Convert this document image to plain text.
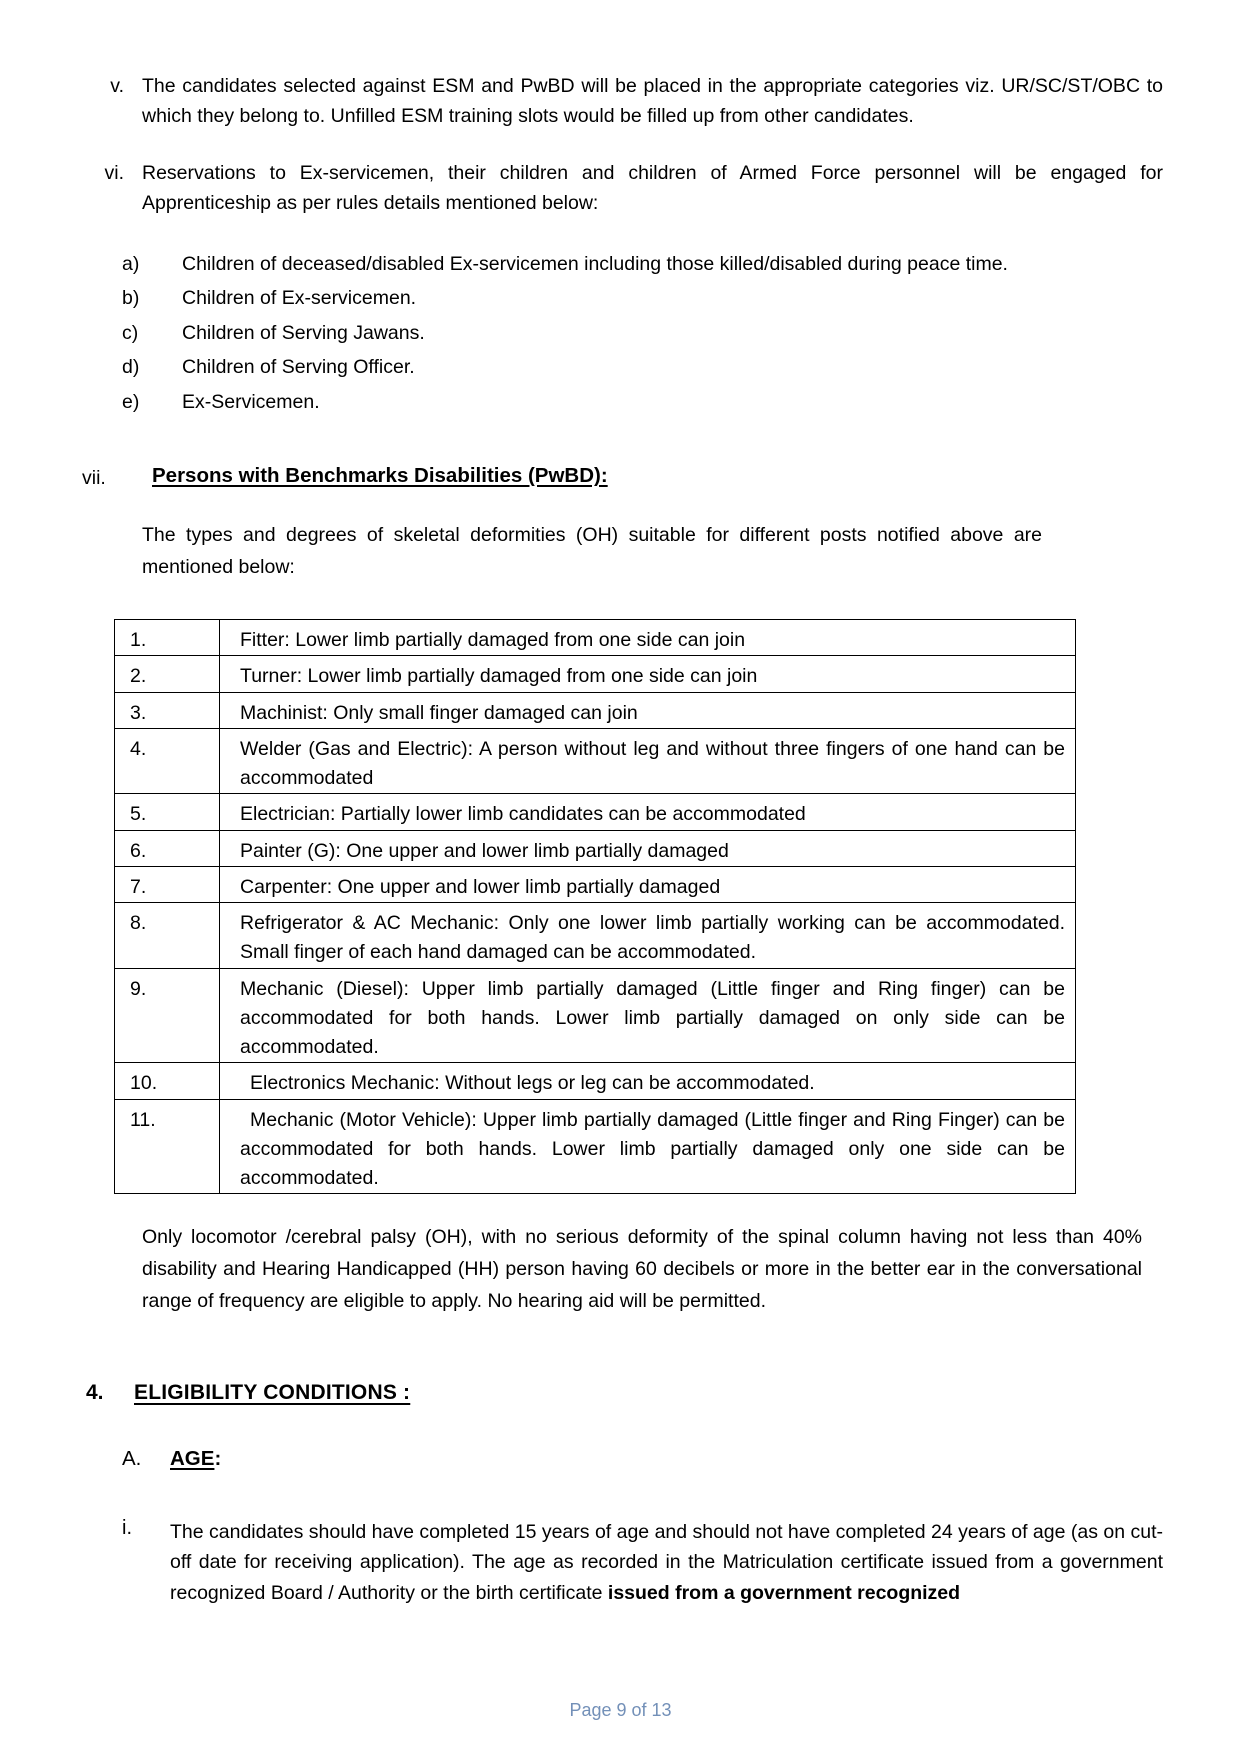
v. The candidates selected against ESM and PwBD will be placed in the appropriate categories viz. UR/SC/ST/OBC to which they belong to. Unfilled ESM training slots would be filled up from other candidates.
vi. Reservations to Ex-servicemen, their children and children of Armed Force personnel will be engaged for Apprenticeship as per rules details mentioned below:
a)	Children of deceased/disabled Ex-servicemen including those killed/disabled during peace time.
b)	Children of Ex-servicemen.
c)	Children of Serving Jawans.
d)	Children of Serving Officer.
e)	Ex-Servicemen.
vii.	Persons with Benchmarks Disabilities (PwBD):
The types and degrees of skeletal deformities (OH) suitable for different posts notified above are mentioned below:
1.	Fitter: Lower limb partially damaged from one side can join

2.	Turner: Lower limb partially damaged from one side can join

3.	Machinist: Only small finger damaged can join

4.	Welder (Gas and Electric): A person without leg and without three fingers of one hand can be accommodated

5.	Electrician: Partially lower limb candidates can be accommodated

6.	Painter (G): One upper and lower limb partially damaged

7.	Carpenter: One upper and lower limb partially damaged

8.	Refrigerator & AC Mechanic: Only one lower limb partially working can be accommodated. Small finger of each hand damaged can be accommodated.

9.	Mechanic (Diesel): Upper limb partially damaged (Little finger and Ring finger) can be accommodated for both hands. Lower limb partially damaged on only side can be accommodated.

10.	Electronics Mechanic: Without legs or leg can be accommodated.

11.	Mechanic (Motor Vehicle): Upper limb partially damaged (Little finger and Ring Finger) can be accommodated for both hands. Lower limb partially damaged only one side can be accommodated.
Only locomotor /cerebral palsy (OH), with no serious deformity of the spinal column having not less than 40% disability and Hearing Handicapped (HH) person having 60 decibels or more in the better ear in the conversational range of frequency are eligible to apply. No hearing aid will be permitted.
4.	ELIGIBILITY CONDITIONS :
A.	AGE:
i.	The candidates should have completed 15 years of age and should not have completed 24 years of age (as on cut-off date for receiving application). The age as recorded in the Matriculation certificate issued from a government recognized Board / Authority or the birth certificate issued from a government recognized
Page 9 of 13
